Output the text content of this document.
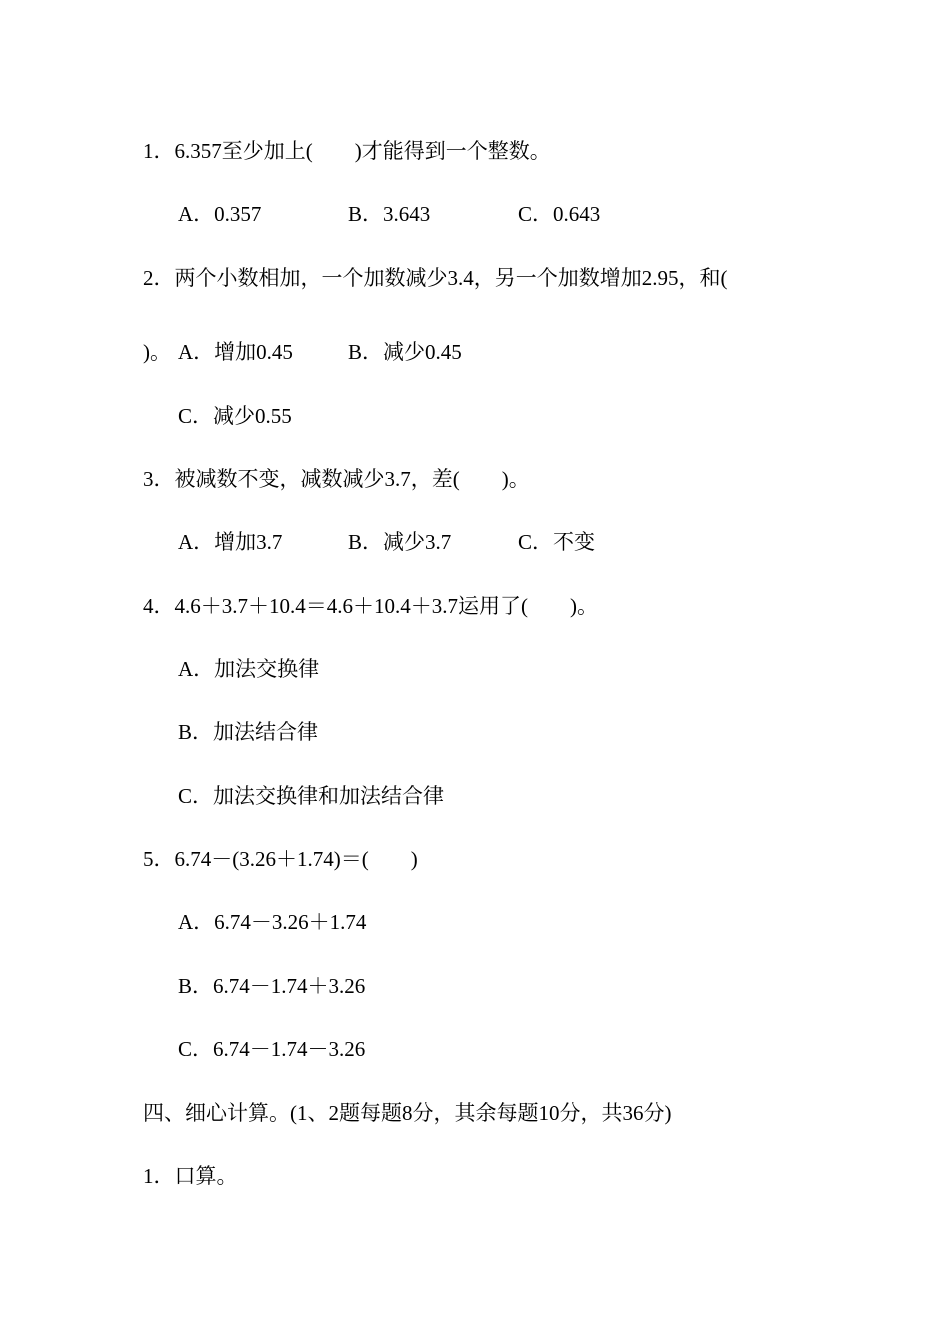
1．6.357至少加上(　　)才能得到一个整数。
A．0.357	B．3.643	C．0.643
2．两个小数相加，一个加数减少3.4，另一个加数增加2.95，和(
)。 A．增加0.45	B．减少0.45
C．减少0.55
3．被减数不变，减数减少3.7，差(　　)。
A．增加3.7	B．减少3.7	C．不变
4．4.6＋3.7＋10.4＝4.6＋10.4＋3.7运用了(　　)。
A．加法交换律
B．加法结合律
C．加法交换律和加法结合律
5．6.74－(3.26＋1.74)＝(　　)
A．6.74－3.26＋1.74
B．6.74－1.74＋3.26
C．6.74－1.74－3.26
四、细心计算。(1、2题每题8分，其余每题10分，共36分)
1．口算。
